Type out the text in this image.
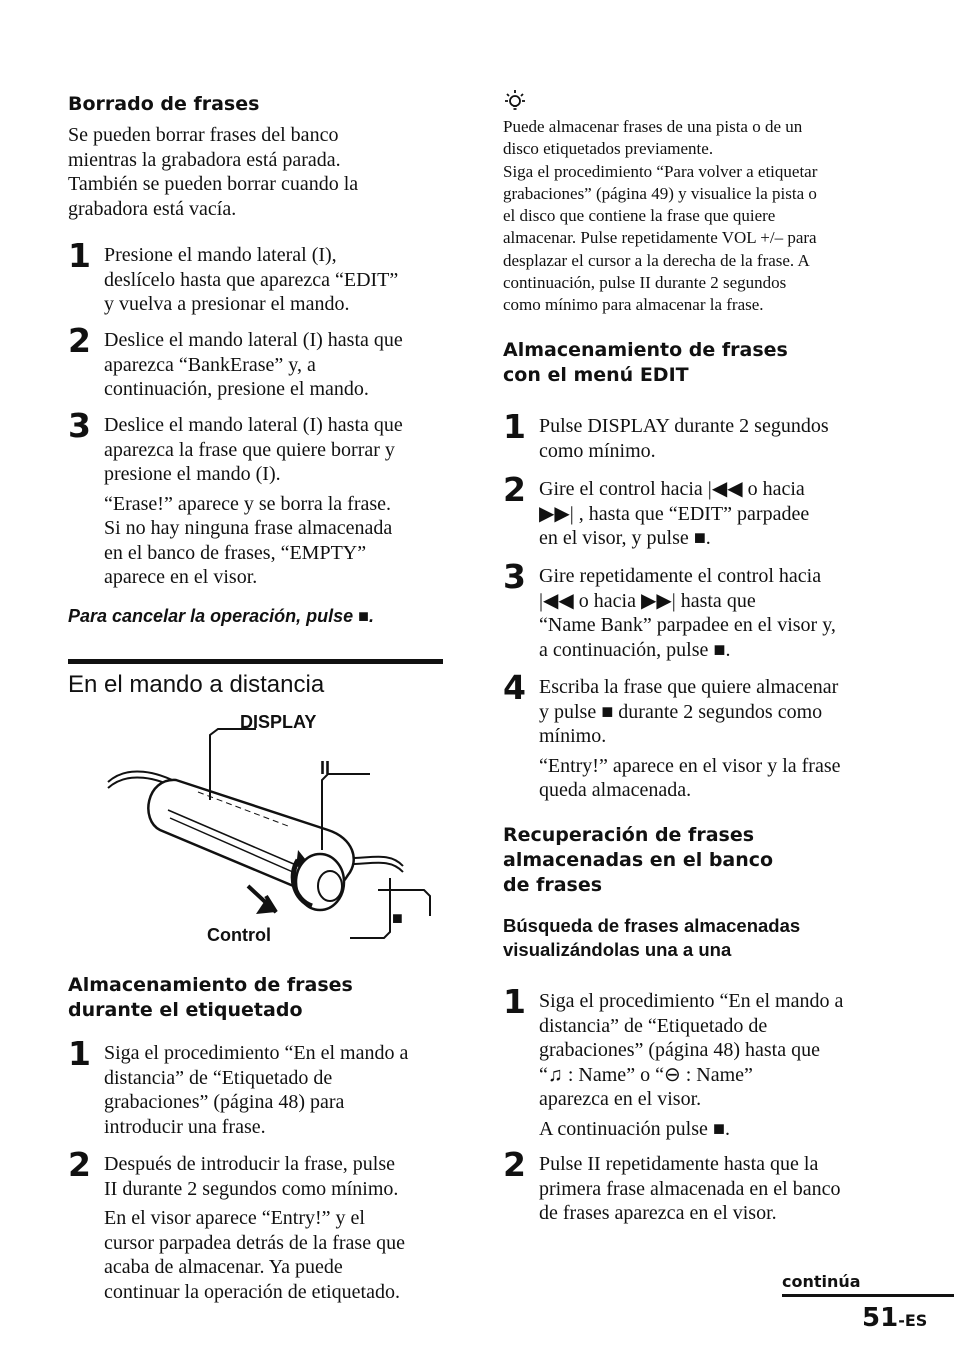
Borrado de frases

Se pueden borrar frases del banco

mientras la grabadora está parada.

También se pueden borrar cuando la

grabadora está vacía.

1 Presione el mando lateral (I),

deslícelo hasta que aparezca “EDIT”

y vuelva a presionar el mando.

2 Deslice el mando lateral (I) hasta que

aparezca “BankErase” y, a

continuación, presione el mando.

3 Deslice el mando lateral (I) hasta que

aparezca la frase que quiere borrar y

presione el mando (I).

“Erase!” aparece y se borra la frase.

Si no hay ninguna frase almacenada

en el banco de frases, “EMPTY”

aparece en el visor.

Para cancelar la operación, pulse ■.

En el mando a distancia

DISPLAY
II
Control
■

Almacenamiento de frases

durante el etiquetado

1 Siga el procedimiento “En el mando a

distancia” de “Etiquetado de

grabaciones” (página 48) para

introducir una frase.

2 Después de introducir la frase, pulse

II durante 2 segundos como mínimo.

En el visor aparece “Entry!” y el

cursor parpadea detrás de la frase que

acaba de almacenar. Ya puede

continuar la operación de etiquetado.

Puede almacenar frases de una pista o de un

disco etiquetados previamente.

Siga el procedimiento “Para volver a etiquetar

grabaciones” (página 49) y visualice la pista o

el disco que contiene la frase que quiere

almacenar. Pulse repetidamente VOL +/– para

desplazar el cursor a la derecha de la frase. A

continuación, pulse II durante 2 segundos

como mínimo para almacenar la frase.

Almacenamiento de frases

con el menú EDIT

1 Pulse DISPLAY durante 2 segundos

como mínimo.

2 Gire el control hacia |◀◀ o hacia

▶▶| , hasta que “EDIT” parpadee

en el visor, y pulse ■.

3 Gire repetidamente el control hacia

|◀◀ o hacia ▶▶| hasta que

“Name Bank” parpadee en el visor y,

a continuación, pulse ■.

4 Escriba la frase que quiere almacenar

y pulse ■ durante 2 segundos como

mínimo.

“Entry!” aparece en el visor y la frase

queda almacenada.

Recuperación de frases

almacenadas en el banco

de frases

Búsqueda de frases almacenadas

visualizándolas una a una

1 Siga el procedimiento “En el mando a

distancia” de “Etiquetado de

grabaciones” (página 48) hasta que

“♫ : Name” o “⊖ : Name”

aparezca en el visor.

A continuación pulse ■.

2 Pulse II repetidamente hasta que la

primera frase almacenada en el banco

de frases aparezca en el visor.

continúa
51-ES
